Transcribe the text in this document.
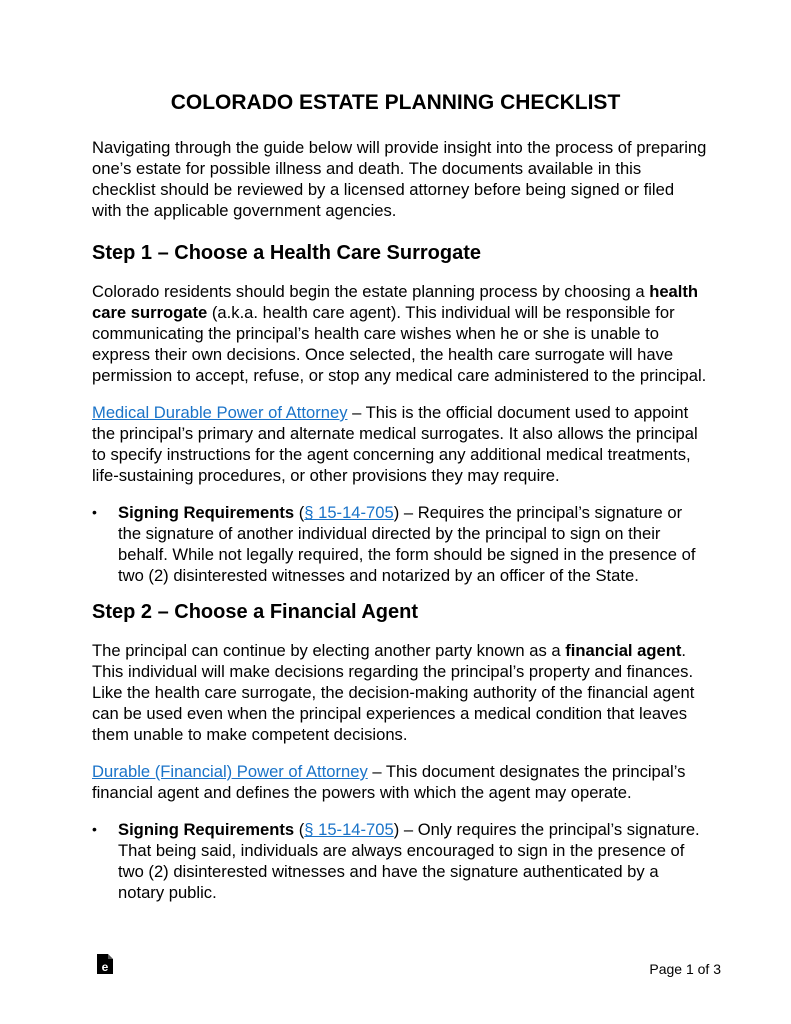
COLORADO ESTATE PLANNING CHECKLIST

Navigating through the guide below will provide insight into the process of preparing one’s estate for possible illness and death. The documents available in this checklist should be reviewed by a licensed attorney before being signed or filed with the applicable government agencies.

Step 1 – Choose a Health Care Surrogate

Colorado residents should begin the estate planning process by choosing a health care surrogate (a.k.a. health care agent). This individual will be responsible for communicating the principal’s health care wishes when he or she is unable to express their own decisions. Once selected, the health care surrogate will have permission to accept, refuse, or stop any medical care administered to the principal.

Medical Durable Power of Attorney – This is the official document used to appoint the principal’s primary and alternate medical surrogates. It also allows the principal to specify instructions for the agent concerning any additional medical treatments, life-sustaining procedures, or other provisions they may require.

• Signing Requirements (§ 15-14-705) – Requires the principal’s signature or the signature of another individual directed by the principal to sign on their behalf. While not legally required, the form should be signed in the presence of two (2) disinterested witnesses and notarized by an officer of the State.
Step 2 – Choose a Financial Agent

The principal can continue by electing another party known as a financial agent. This individual will make decisions regarding the principal’s property and finances. Like the health care surrogate, the decision-making authority of the financial agent can be used even when the principal experiences a medical condition that leaves them unable to make competent decisions.

Durable (Financial) Power of Attorney – This document designates the principal’s financial agent and defines the powers with which the agent may operate.

• Signing Requirements (§ 15-14-705) – Only requires the principal’s signature. That being said, individuals are always encouraged to sign in the presence of two (2) disinterested witnesses and have the signature authenticated by a notary public.
e	Page 1 of 3
